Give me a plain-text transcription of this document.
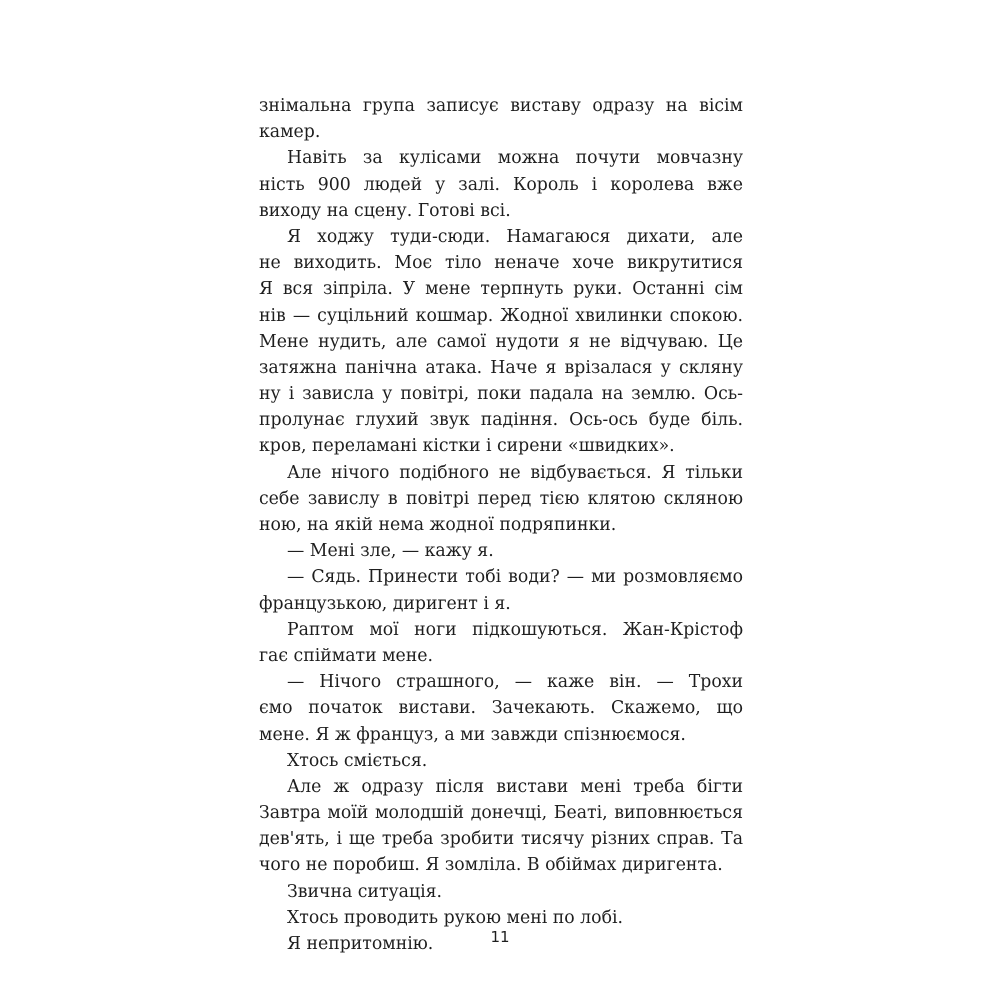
знімальна група записує виставу одразу на вісім
камер.
Навіть за кулісами можна почути мовчазну
ність 900 людей у залі. Король і королева вже
виходу на сцену. Готові всі.
Я ходжу туди-сюди. Намагаюся дихати, але
не виходить. Моє тіло неначе хоче викрутитися
Я вся зіпріла. У мене терпнуть руки. Останні сім
нів — суцільний кошмар. Жодної хвилинки спокою.
Мене нудить, але самої нудоти я не відчуваю. Це
затяжна панічна атака. Наче я врізалася у скляну
ну і зависла у повітрі, поки падала на землю. Ось-
пролунає глухий звук падіння. Ось-ось буде біль.
кров, переламані кістки і сирени «швидких».
Але нічого подібного не відбувається. Я тільки
себе завислу в повітрі перед тією клятою скляною
ною, на якій нема жодної подряпинки.
— Мені зле, — кажу я.
— Сядь. Принести тобі води? — ми розмовляємо
французькою, диригент і я.
Раптом мої ноги підкошуються. Жан-Крістоф
гає спіймати мене.
— Нічого страшного, — каже він. — Трохи
ємо початок вистави. Зачекають. Скажемо, що
мене. Я ж француз, а ми завжди спізнюємося.
Хтось сміється.
Але ж одразу після вистави мені треба бігти
Завтра моїй молодшій донечці, Беаті, виповнюється
дев'ять, і ще треба зробити тисячу різних справ. Та
чого не поробиш. Я зомліла. В обіймах диригента.
Звична ситуація.
Хтось проводить рукою мені по лобі.
Я непритомнію.	11
